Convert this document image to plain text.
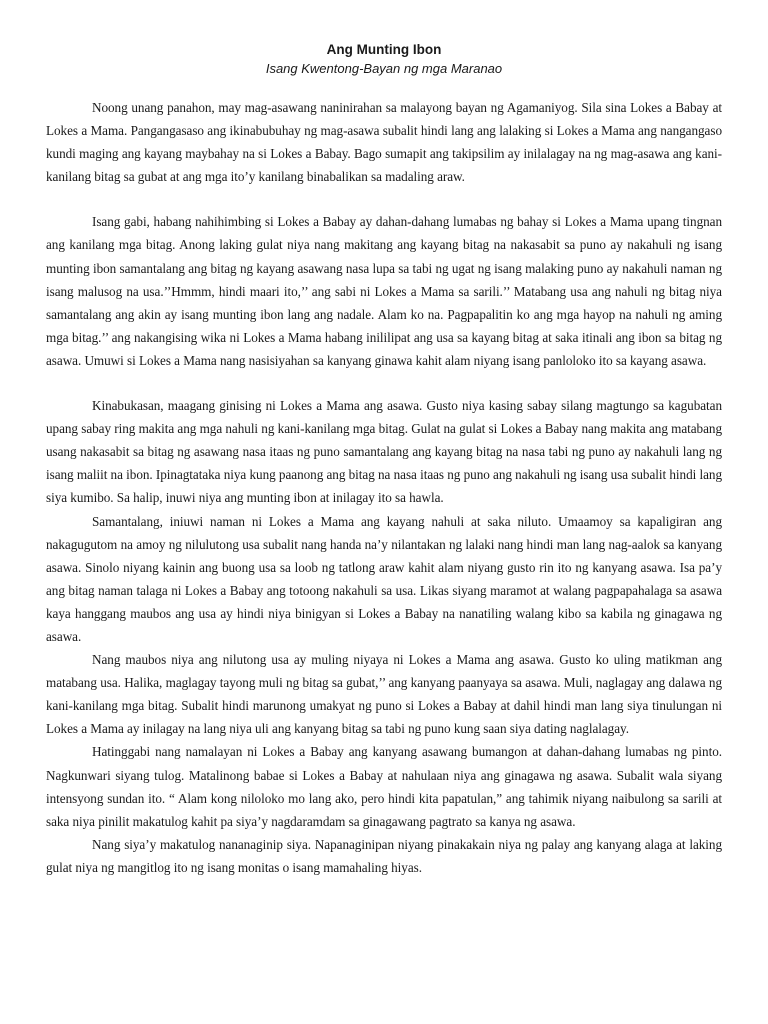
Ang Munting Ibon

Isang Kwentong-Bayan ng mga Maranao

Noong unang panahon, may mag-asawang naninirahan sa malayong bayan ng Agamaniyog. Sila sina Lokes a Babay at Lokes a Mama. Pangangasaso ang ikinabubuhay ng mag-asawa subalit hindi lang ang lalaking si Lokes a Mama ang nangangaso kundi maging ang kayang maybahay na si Lokes a Babay. Bago sumapit ang takipsilim ay inilalagay na ng mag-asawa ang kani-kanilang bitag sa gubat at ang mga ito’y kanilang binabalikan sa madaling araw.

Isang gabi, habang nahihimbing si Lokes a Babay ay dahan-dahang lumabas ng bahay si Lokes a Mama upang tingnan ang kanilang mga bitag. Anong laking gulat niya nang makitang ang kayang bitag na nakasabit sa puno ay nakahuli ng isang munting ibon samantalang ang bitag ng kayang asawang nasa lupa sa tabi ng ugat ng isang malaking puno ay nakahuli naman ng isang malusog na usa.’’Hmmm, hindi maari ito,’’ ang sabi ni Lokes a Mama sa sarili.’’ Matabang usa ang nahuli ng bitag niya samantalang ang akin ay isang munting ibon lang ang nadale. Alam ko na. Pagpapalitin ko ang mga hayop na nahuli ng aming mga bitag.’’ ang nakangising wika ni Lokes a Mama habang inililipat ang usa sa kayang bitag at saka itinali ang ibon sa bitag ng asawa. Umuwi si Lokes a Mama nang nasisiyahan sa kanyang ginawa kahit alam niyang isang panloloko ito sa kayang asawa.

Kinabukasan, maagang ginising ni Lokes a Mama ang asawa. Gusto niya kasing sabay silang magtungo sa kagubatan upang sabay ring makita ang mga nahuli ng kani-kanilang mga bitag. Gulat na gulat si Lokes a Babay nang makita ang matabang usang nakasabit sa bitag ng asawang nasa itaas ng puno samantalang ang kayang bitag na nasa tabi ng puno ay nakahuli lang ng isang maliit na ibon. Ipinagtataka niya kung paanong ang bitag na nasa itaas ng puno ang nakahuli ng isang usa subalit hindi lang siya kumibo. Sa halip, inuwi niya ang munting ibon at inilagay ito sa hawla.

Samantalang, iniuwi naman ni Lokes a Mama ang kayang nahuli at saka niluto. Umaamoy sa kapaligiran ang nakagugutom na amoy ng nilulutong usa subalit nang handa na’y nilantakan ng lalaki nang hindi man lang nag-aalok sa kanyang asawa. Sinolo niyang kainin ang buong usa sa loob ng tatlong araw kahit alam niyang gusto rin ito ng kanyang asawa. Isa pa’y ang bitag naman talaga ni Lokes a Babay ang totoong nakahuli sa usa. Likas siyang maramot at walang pagpapahalaga sa asawa kaya hanggang maubos ang usa ay hindi niya binigyan si Lokes a Babay na nanatiling walang kibo sa kabila ng ginagawa ng asawa.

Nang maubos niya ang nilutong usa ay muling niyaya ni Lokes a Mama ang asawa. Gusto ko uling matikman ang matabang usa. Halika, maglagay tayong muli ng bitag sa gubat,’’ ang kanyang paanyaya sa asawa. Muli, naglagay ang dalawa ng kani-kanilang mga bitag. Subalit hindi marunong umakyat ng puno si Lokes a Babay at dahil hindi man lang siya tinulungan ni Lokes a Mama ay inilagay na lang niya uli ang kanyang bitag sa tabi ng puno kung saan siya dating naglalagay.

Hatinggabi nang namalayan ni Lokes a Babay ang kanyang asawang bumangon at dahan-dahang lumabas ng pinto. Nagkunwari siyang tulog. Matalinong babae si Lokes a Babay at nahulaan niya ang ginagawa ng asawa. Subalit wala siyang intensyong sundan ito. “ Alam kong niloloko mo lang ako, pero hindi kita papatulan,” ang tahimik niyang naibulong sa sarili at saka niya pinilit makatulog kahit pa siya’y nagdaramdam sa ginagawang pagtrato sa kanya ng asawa.

Nang siya’y makatulog nananaginip siya. Napanaginipan niyang pinakakain niya ng palay ang kanyang alaga at laking gulat niya ng mangitlog ito ng isang monitas o isang mamahaling hiyas.
